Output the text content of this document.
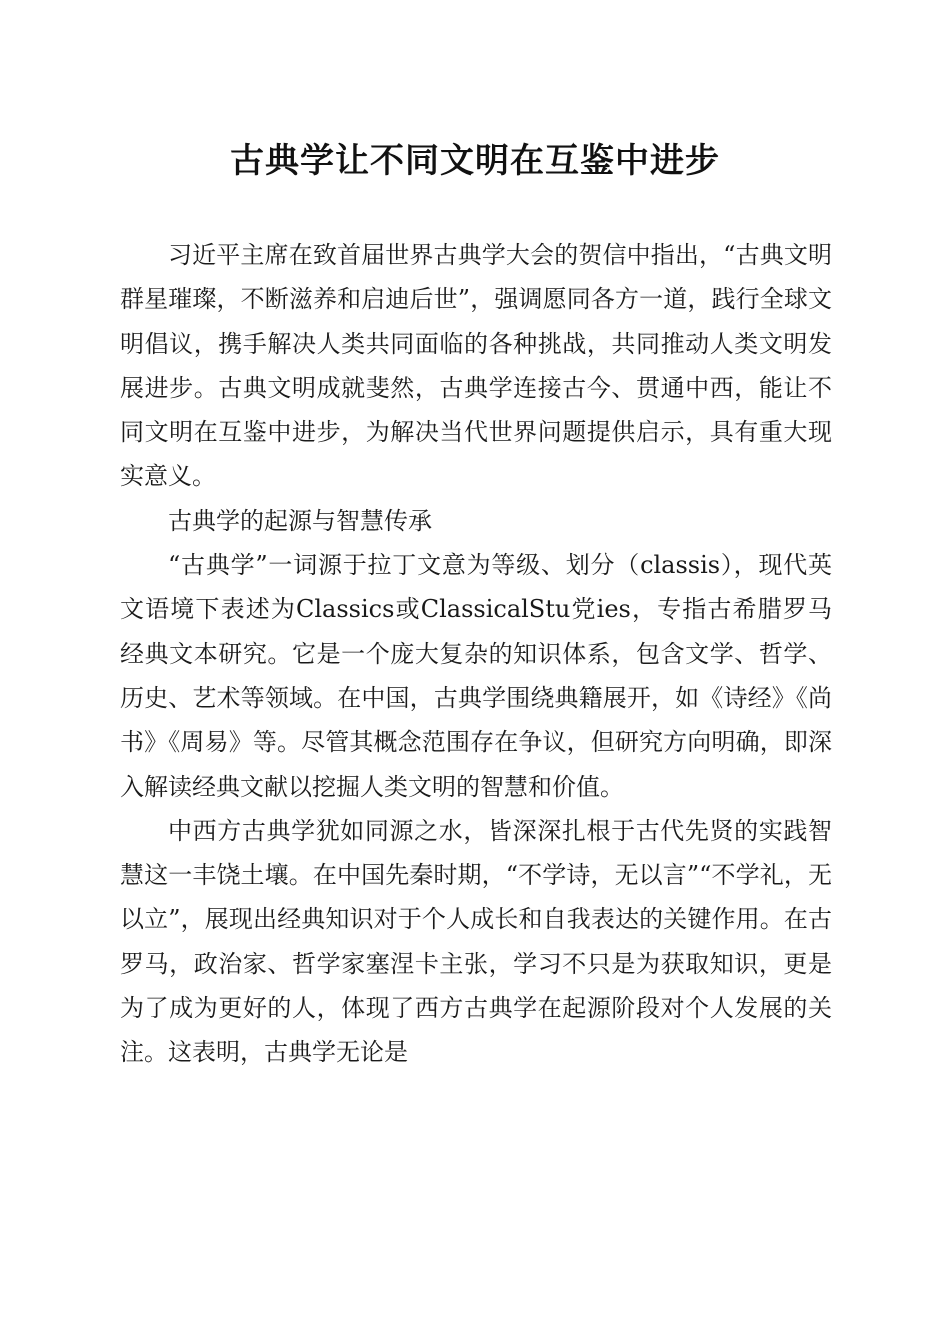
古典学让不同文明在互鉴中进步

习近平主席在致首届世界古典学大会的贺信中指出，“古典文明群星璀璨，不断滋养和启迪后世”，强调愿同各方一道，践行全球文明倡议，携手解决人类共同面临的各种挑战，共同推动人类文明发展进步。古典文明成就斐然，古典学连接古今、贯通中西，能让不同文明在互鉴中进步，为解决当代世界问题提供启示，具有重大现实意义。

古典学的起源与智慧传承

“古典学”一词源于拉丁文意为等级、划分（classis），现代英文语境下表述为Classics或ClassicalStu党ies，专指古希腊罗马经典文本研究。它是一个庞大复杂的知识体系，包含文学、哲学、历史、艺术等领域。在中国，古典学围绕典籍展开，如《诗经》《尚书》《周易》等。尽管其概念范围存在争议，但研究方向明确，即深入解读经典文献以挖掘人类文明的智慧和价值。

中西方古典学犹如同源之水，皆深深扎根于古代先贤的实践智慧这一丰饶土壤。在中国先秦时期，“不学诗，无以言”“不学礼，无以立”，展现出经典知识对于个人成长和自我表达的关键作用。在古罗马，政治家、哲学家塞涅卡主张，学习不只是为获取知识，更是为了成为更好的人，体现了西方古典学在起源阶段对个人发展的关注。这表明，古典学无论是
